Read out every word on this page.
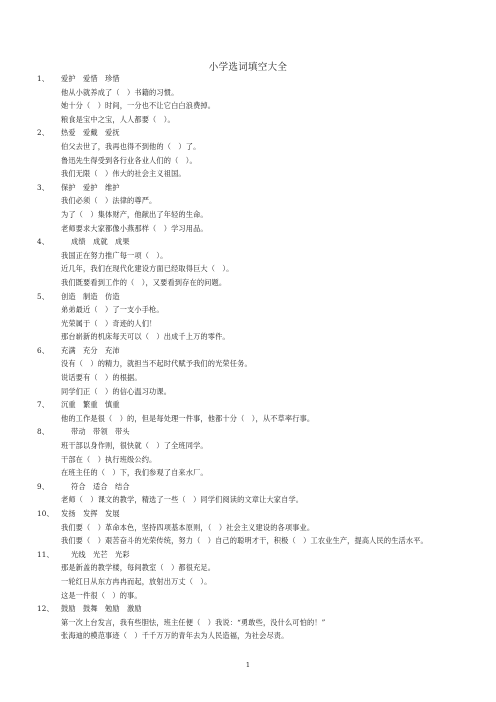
小学选词填空大全
1、	爱护　爱惜　珍惜
他从小就养成了（　）书籍的习惯。
她十分（　）时间，一分也不让它白白浪费掉。
粮食是宝中之宝，人人都要（　）。
2、	热爱　爱戴　爱抚
伯父去世了，我再也得不到他的（　）了。
鲁迅先生得受到各行业各业人们的（　）。
我们无限（　）伟大的社会主义祖国。
3、	保护　爱护　维护
我们必须（　）法律的尊严。
为了（　）集体财产，他献出了年轻的生命。
老师要求大家都像小燕那样（　）学习用品。
4、	成绩　成就　成果
我国正在努力推广每一项（　）。
近几年，我们在现代化建设方面已经取得巨大（　）。
我们既要看到工作的（　），又要看到存在的问题。
5、	创造　制造　仿造
弟弟最近（　）了一支小手枪。
光荣属于（　）奇迹的人们！
那台崭新的机床每天可以（　）出成千上万的零件。
6、	充满　充分　充沛
没有（　）的精力，就担当不起时代赋予我们的光荣任务。
说话要有（　）的根据。
同学们正（　）的信心温习功课。
7、	沉重　繁重　慎重
他的工作是很（　）的，但是每处理一件事，他都十分（　），从不草率行事。
8、	带动　带领　带头
班干部以身作则，很快就（　）了全班同学。
干部在（　）执行班级公约。
在班主任的（　）下，我们参观了自来水厂。
9、	符合　适合　结合
老师（　）课文的教学，精选了一些（　）同学们阅读的文章让大家自学。
10、	发扬　发挥　发展
我们要（　）革命本色，坚持四项基本原则，（　）社会主义建设的各项事业。
我们要（　）艰苦奋斗的光荣传统，努力（　）自己的聪明才干，积极（　）工农业生产，提高人民的生活水平。
11、	光线　光芒　光彩
那是新盖的教学楼，每间教室（　）都很充足。
一轮红日从东方冉冉而起，放射出万丈（　）。
这是一件很（　）的事。
12、	鼓励　鼓舞　勉励　激励
第一次上台发言，我有些胆怯，班主任便（　）我说：“勇敢些，没什么可怕的！”
张海迪的模范事迹（　）千千万万的青年去为人民造福，为社会尽责。
1
